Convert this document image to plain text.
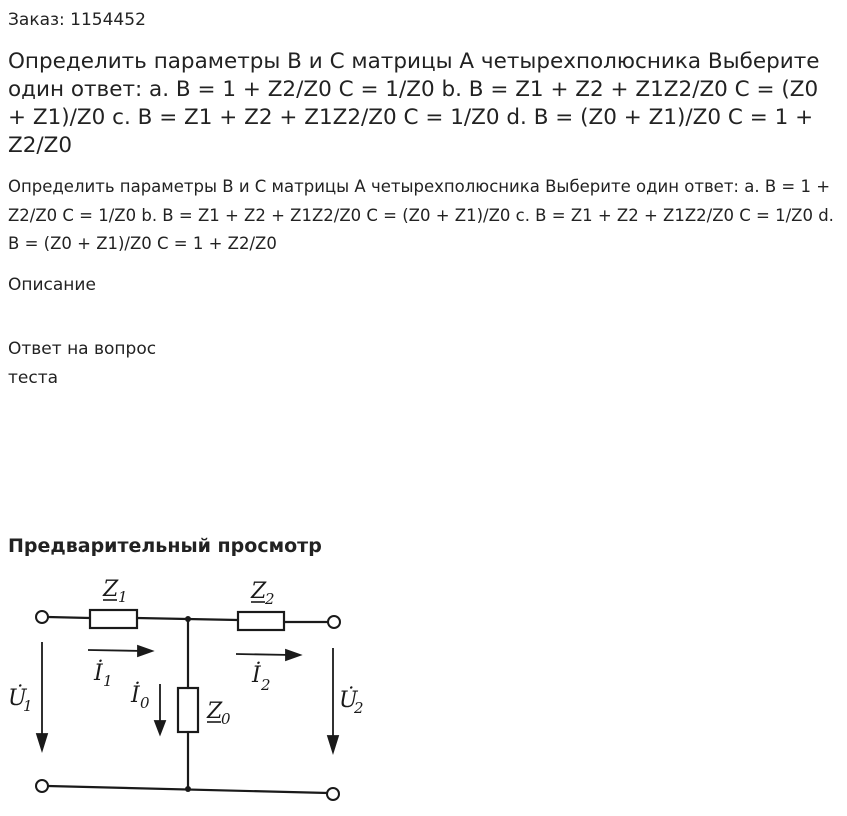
Заказ: 1154452
Определить параметры B и C матрицы A четырехполюсника Выберите один ответ: a. B = 1 + Z2/Z0 C = 1/Z0 b. B = Z1 + Z2 + Z1Z2/Z0 C = (Z0 + Z1)/Z0 c. B = Z1 + Z2 + Z1Z2/Z0 C = 1/Z0 d. B = (Z0 + Z1)/Z0 C = 1 + Z2/Z0
Определить параметры B и C матрицы A четырехполюсника Выберите один ответ: a. B = 1 + Z2/Z0 C = 1/Z0 b. B = Z1 + Z2 + Z1Z2/Z0 C = (Z0 + Z1)/Z0 c. B = Z1 + Z2 + Z1Z2/Z0 C = 1/Z0 d. B = (Z0 + Z1)/Z0 C = 1 + Z2/Z0
Описание
Ответ на вопрос теста
Предварительный просмотр
Z 1	Z
2
Z
0
İ 1	İ 2
İ 0
U̇
1	U̇
2
